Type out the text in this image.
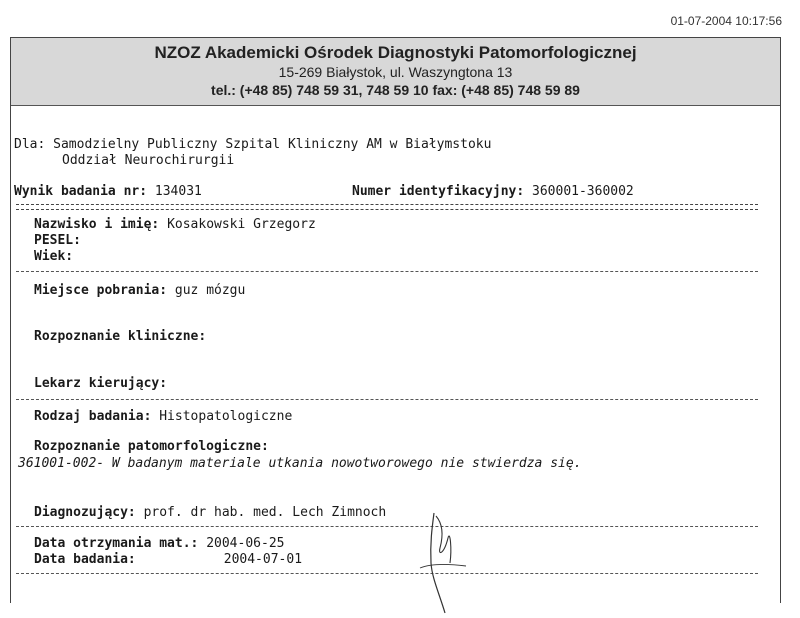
01-07-2004 10:17:56
NZOZ Akademicki Ośrodek Diagnostyki Patomorfologicznej
15-269 Białystok, ul. Waszyngtona 13
tel.: (+48 85) 748 59 31, 748 59 10 fax: (+48 85) 748 59 89
Dla: Samodzielny Publiczny Szpital Kliniczny AM w Białymstoku
Oddział Neurochirurgii
Wynik badania nr: 134031	Numer identyfikacyjny: 360001-360002
Nazwisko i imię: Kosakowski Grzegorz
PESEL:
Wiek:
Miejsce pobrania: guz mózgu
Rozpoznanie kliniczne:
Lekarz kierujący:
Rodzaj badania: Histopatologiczne
Rozpoznanie patomorfologiczne:
361001-002- W badanym materiale utkania nowotworowego nie stwierdza się.
Diagnozujący: prof. dr hab. med. Lech Zimnoch
Data otrzymania mat.: 2004-06-25
Data badania:	2004-07-01
